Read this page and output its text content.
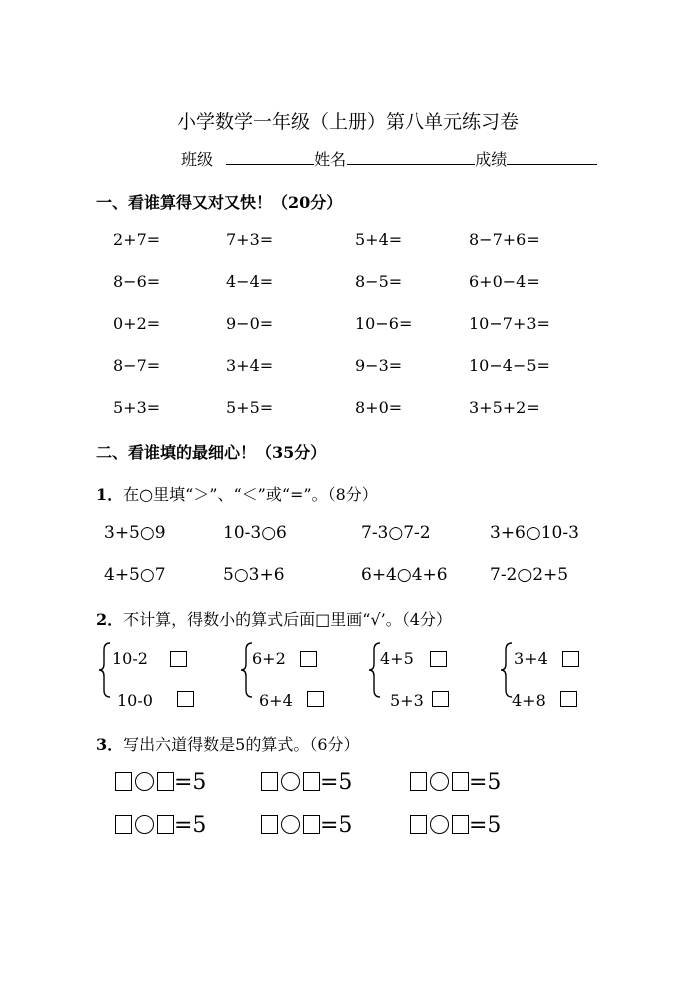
小学数学一年级（上册）第八单元练习卷
班级	姓名	成绩
一、看谁算得又对又快！（20分）
2+7=	7+3=	5+4=	8−7+6=
8−6=	4−4=	8−5=	6+0−4=
0+2=	9−0=	10−6=	10−7+3=
8−7=	3+4=	9−3=	10−4−5=
5+3=	5+5=	8+0=	3+5+2=
二、看谁填的最细心！（35分）
1．在○里填“＞”、“＜”或“=”。（8分）
3+5○9	10-3○6	7-3○7-2	3+6○10-3
4+5○7	5○3+6	6+4○4+6 7-2○2+5
2．不计算，得数小的算式后面□里画“√’。（4分）
10-2
10-0
6+2
6+4
4+5
5+3
3+4
4+8
3．写出六道得数是5的算式。（6分）
=5	=5	=5
=5	=5	=5
